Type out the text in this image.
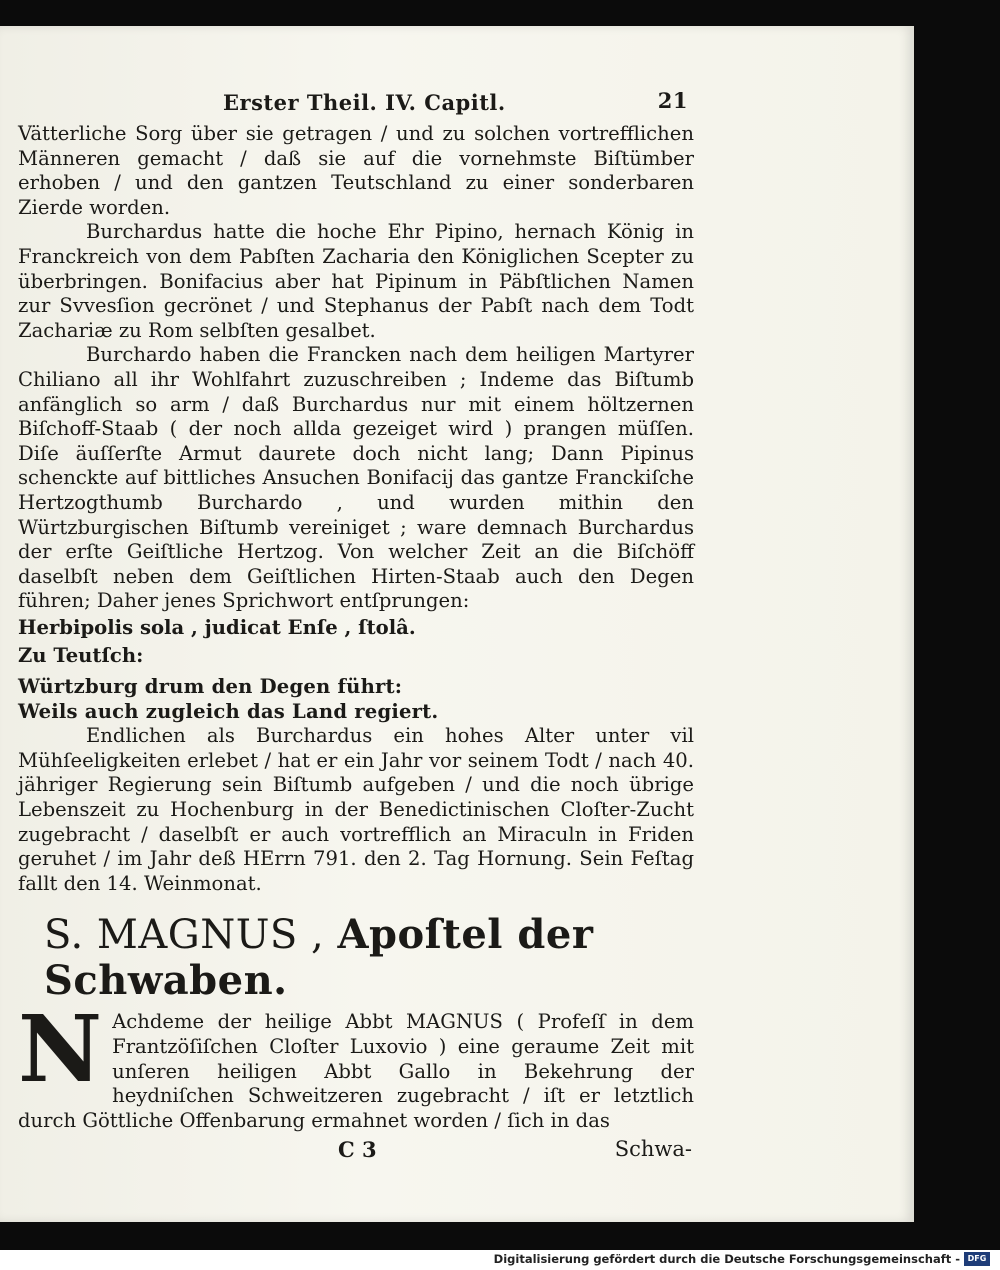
Erster Theil. IV. Capitl.	21

Vätterliche Sorg über sie getragen / und zu solchen vortrefflichen Männeren gemacht / daß sie auf die vornehmste Biſtümber erhoben / und den gantzen Teutschland zu einer sonderbaren Zierde worden.

Burchardus hatte die hoche Ehr Pipino, hernach König in Franckreich von dem Pabſten Zacharia den Königlichen Scepter zu überbringen. Bonifacius aber hat Pipinum in Päbſtlichen Namen zur Svvesſion gecrönet / und Stephanus der Pabſt nach dem Todt Zachariæ zu Rom selbſten gesalbet.

Burchardo haben die Francken nach dem heiligen Martyrer Chiliano all ihr Wohlfahrt zuzuschreiben ; Indeme das Biſtumb anfänglich so arm / daß Burchardus nur mit einem höltzernen Biſchoff-Staab ( der noch allda gezeiget wird ) prangen müſſen. Diſe äuſſerſte Armut daurete doch nicht lang; Dann Pipinus schenckte auf bittliches Ansuchen Bonifacij das gantze Franckiſche Hertzogthumb Burchardo , und wurden mithin den Würtzburgischen Biſtumb vereiniget ; ware demnach Burchardus der erſte Geiſtliche Hertzog. Von welcher Zeit an die Biſchöff daselbſt neben dem Geiſtlichen Hirten-Staab auch den Degen führen; Daher jenes Sprichwort entſprungen:

Herbipolis sola , judicat Enſe , ſtolâ.

Zu Teutſch:

Würtzburg drum den Degen führt:

Weils auch zugleich das Land regiert.

Endlichen als Burchardus ein hohes Alter unter vil Mühſeeligkeiten erlebet / hat er ein Jahr vor seinem Todt / nach 40. jähriger Regierung sein Biſtumb aufgeben / und die noch übrige Lebenszeit zu Hochenburg in der Benedictinischen Cloſter-Zucht zugebracht / daselbſt er auch vortrefflich an Miraculn in Friden geruhet / im Jahr deß HErrn 791. den 2. Tag Hornung. Sein Feſtag fallt den 14. Weinmonat.

S. MAGNUS , Apoſtel der Schwaben.
N Achdeme der heilige Abbt MAGNUS ( Profeſſ in dem Frantzöſiſchen Cloſter Luxovio ) eine geraume Zeit mit unſeren heiligen Abbt Gallo in Bekehrung der heydniſchen Schweitzeren zugebracht / iſt er letztlich durch Göttliche Offenbarung ermahnet worden / ſich in das

C 3	Schwa-
Digitalisierung gefördert durch die Deutsche Forschungsgemeinschaft - DFG
